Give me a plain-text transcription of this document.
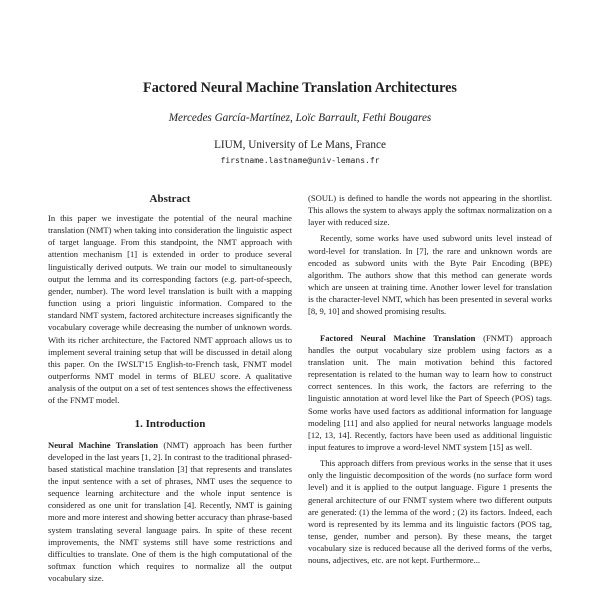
Factored Neural Machine Translation Architectures
Mercedes García-Martínez, Loïc Barrault, Fethi Bougares
LIUM, University of Le Mans, France
firstname.lastname@univ-lemans.fr
Abstract

In this paper we investigate the potential of the neural machine translation (NMT) when taking into consideration the linguistic aspect of target language. From this standpoint, the NMT approach with attention mechanism [1] is extended in order to produce several linguistically derived outputs. We train our model to simultaneously output the lemma and its corresponding factors (e.g. part-of-speech, gender, number). The word level translation is built with a mapping function using a priori linguistic information. Compared to the standard NMT system, factored architecture increases significantly the vocabulary coverage while decreasing the number of unknown words. With its richer architecture, the Factored NMT approach allows us to implement several training setup that will be discussed in detail along this paper. On the IWSLT'15 English-to-French task, FNMT model outperforms NMT model in terms of BLEU score. A qualitative analysis of the output on a set of test sentences shows the effectiveness of the FNMT model.

1. Introduction

Neural Machine Translation (NMT) approach has been further developed in the last years [1, 2]. In contrast to the traditional phrased-based statistical machine translation [3] that represents and translates the input sentence with a set of phrases, NMT uses the sequence to sequence learning architecture and the whole input sentence is considered as one unit for translation [4]. Recently, NMT is gaining more and more interest and showing better accuracy than phrase-based system translating several language pairs. In spite of these recent improvements, the NMT systems still have some restrictions and difficulties to translate. One of them is the high computational of the softmax function which requires to normalize all the output vocabulary size.

(SOUL) is defined to handle the words not appearing in the shortlist. This allows the system to always apply the softmax normalization on a layer with reduced size.

Recently, some works have used subword units level instead of word-level for translation. In [7], the rare and unknown words are encoded as subword units with the Byte Pair Encoding (BPE) algorithm. The authors show that this method can generate words which are unseen at training time. Another lower level for translation is the character-level NMT, which has been presented in several works [8, 9, 10] and showed promising results.

Factored Neural Machine Translation (FNMT) approach handles the output vocabulary size problem using factors as a translation unit. The main motivation behind this factored representation is related to the human way to learn how to construct correct sentences. In this work, the factors are referring to the linguistic annotation at word level like the Part of Speech (POS) tags. Some works have used factors as additional information for language modeling [11] and also applied for neural networks language models [12, 13, 14]. Recently, factors have been used as additional linguistic input features to improve a word-level NMT system [15] as well.

This approach differs from previous works in the sense that it uses only the linguistic decomposition of the words (no surface form word level) and it is applied to the output language. Figure 1 presents the general architecture of our FNMT system where two different outputs are generated: (1) the lemma of the word ; (2) its factors. Indeed, each word is represented by its lemma and its linguistic factors (POS tag, tense, gender, number and person). By these means, the target vocabulary size is reduced because all the derived forms of the verbs, nouns, adjectives, etc. are not kept. Furthermore...
